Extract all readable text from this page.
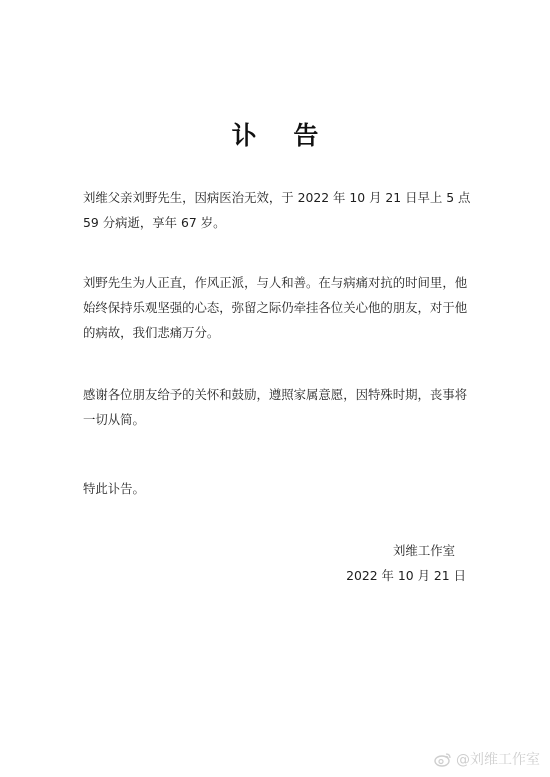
讣 告

刘维父亲刘野先生，因病医治无效，于 2022 年 10 月 21 日早上 5 点 59 分病逝，享年 67 岁。

刘野先生为人正直，作风正派，与人和善。在与病痛对抗的时间里，他始终保持乐观坚强的心态，弥留之际仍牵挂各位关心他的朋友，对于他的病故，我们悲痛万分。

感谢各位朋友给予的关怀和鼓励，遵照家属意愿，因特殊时期，丧事将一切从简。

特此讣告。

刘维工作室
2022 年 10 月 21 日
@刘维工作室
